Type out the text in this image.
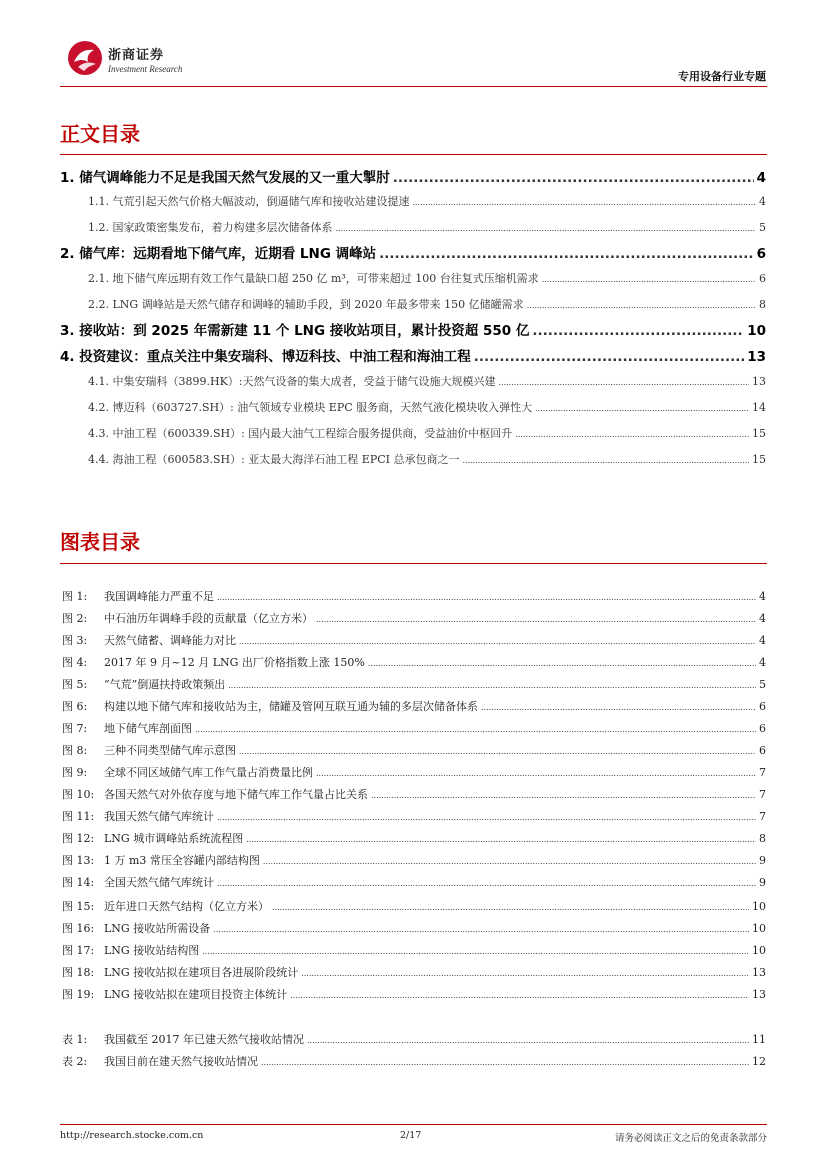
浙商证券
Investment Research
专用设备行业专题
正文目录
1. 储气调峰能力不足是我国天然气发展的又一重大掣肘 .....	4
1.1. 气荒引起天然气价格大幅波动，倒逼储气库和接收站建设提速 .....	4
1.2. 国家政策密集发布，着力构建多层次储备体系 .....	5
2. 储气库：远期看地下储气库，近期看 LNG 调峰站 .....	6
2.1. 地下储气库远期有效工作气量缺口超 250 亿 m³，可带来超过 100 台往复式压缩机需求 .....	6
2.2. LNG 调峰站是天然气储存和调峰的辅助手段，到 2020 年最多带来 150 亿储罐需求 .....	8
3. 接收站：到 2025 年需新建 11 个 LNG 接收站项目，累计投资超 550 亿 .....	10
4. 投资建议：重点关注中集安瑞科、博迈科技、中油工程和海油工程 .....	13
4.1. 中集安瑞科（3899.HK）:天然气设备的集大成者，受益于储气设施大规模兴建 .....	13
4.2. 博迈科（603727.SH）: 油气领域专业模块 EPC 服务商，天然气液化模块收入弹性大 .....	14
4.3. 中油工程（600339.SH）: 国内最大油气工程综合服务提供商，受益油价中枢回升 .....	15
4.4. 海油工程（600583.SH）: 亚太最大海洋石油工程 EPCI 总承包商之一 .....	15
图表目录
图 1: 我国调峰能力严重不足 .....	4
图 2: 中石油历年调峰手段的贡献量（亿立方米） .....	4
图 3: 天然气储蓄、调峰能力对比 .....	4
图 4: 2017 年 9 月~12 月 LNG 出厂价格指数上涨 150% .....	4
图 5: “气荒”倒逼扶持政策频出 .....	5
图 6: 构建以地下储气库和接收站为主，储罐及管网互联互通为辅的多层次储备体系 .....	6
图 7: 地下储气库剖面图 .....	6
图 8: 三种不同类型储气库示意图 .....	6
图 9: 全球不同区域储气库工作气量占消费量比例 .....	7
图 10: 各国天然气对外依存度与地下储气库工作气量占比关系 .....	7
图 11: 我国天然气储气库统计 .....	7
图 12: LNG 城市调峰站系统流程图 .....	8
图 13: 1 万 m3 常压全容罐内部结构图 .....	9
图 14: 全国天然气储气库统计 .....	9
图 15: 近年进口天然气结构（亿立方米） .....	10
图 16: LNG 接收站所需设备 .....	10
图 17: LNG 接收站结构图 .....	10
图 18: LNG 接收站拟在建项目各进展阶段统计 .....	13
图 19: LNG 接收站拟在建项目投资主体统计 .....	13
表 1: 我国截至 2017 年已建天然气接收站情况 .....	11
表 2: 我国目前在建天然气接收站情况 .....	12
http://research.stocke.com.cn	2/17	请务必阅读正文之后的免责条款部分
